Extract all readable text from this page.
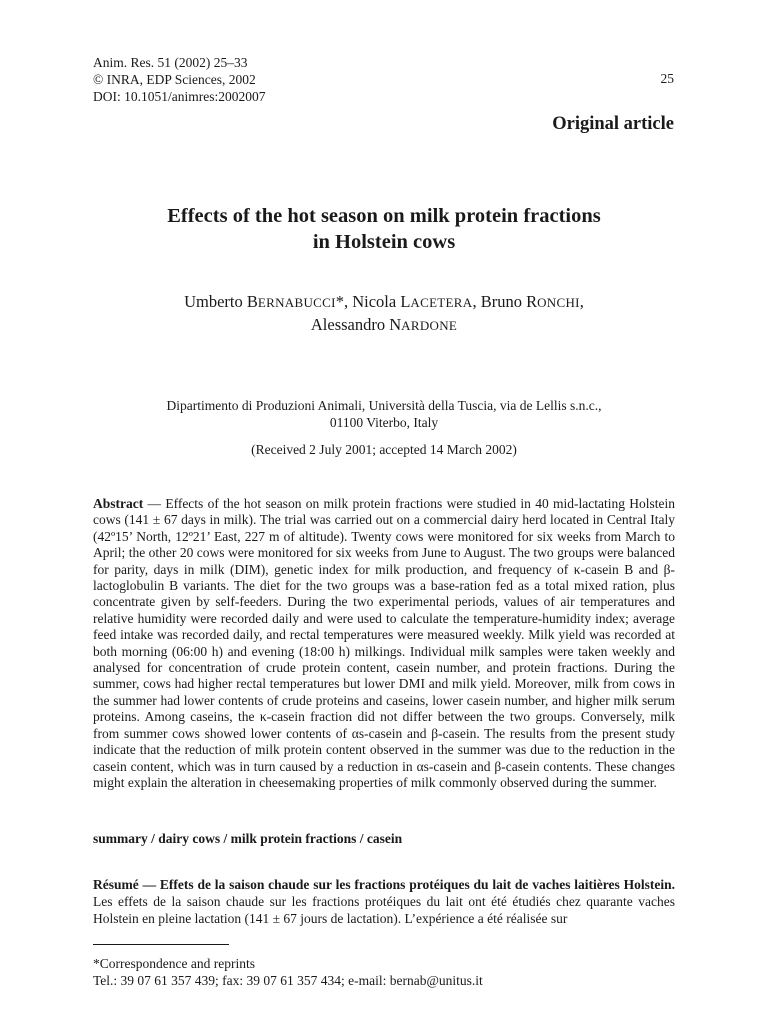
Anim. Res. 51 (2002) 25–33
© INRA, EDP Sciences, 2002
DOI: 10.1051/animres:2002007
25
Original article
Effects of the hot season on milk protein fractions
in Holstein cows
Umberto BERNABUCCI*, Nicola LACETERA, Bruno RONCHI,
Alessandro NARDONE
Dipartimento di Produzioni Animali, Università della Tuscia, via de Lellis s.n.c.,
01100 Viterbo, Italy
(Received 2 July 2001; accepted 14 March 2002)
Abstract — Effects of the hot season on milk protein fractions were studied in 40 mid-lactating Holstein cows (141 ± 67 days in milk). The trial was carried out on a commercial dairy herd located in Central Italy (42º15’ North, 12º21’ East, 227 m of altitude). Twenty cows were monitored for six weeks from March to April; the other 20 cows were monitored for six weeks from June to August. The two groups were balanced for parity, days in milk (DIM), genetic index for milk production, and frequency of κ-casein B and β-lactoglobulin B variants. The diet for the two groups was a base-ration fed as a total mixed ration, plus concentrate given by self-feeders. During the two experimental periods, values of air temperatures and relative humidity were recorded daily and were used to calculate the temperature-humidity index; average feed intake was recorded daily, and rectal temperatures were measured weekly. Milk yield was recorded at both morning (06:00 h) and evening (18:00 h) milkings. Individual milk samples were taken weekly and analysed for concentration of crude protein content, casein number, and protein fractions. During the summer, cows had higher rectal temperatures but lower DMI and milk yield. Moreover, milk from cows in the summer had lower contents of crude proteins and caseins, lower casein number, and higher milk serum proteins. Among caseins, the κ-casein fraction did not differ between the two groups. Conversely, milk from summer cows showed lower contents of αs-casein and β-casein. The results from the present study indicate that the reduction of milk protein content observed in the summer was due to the reduction in the casein content, which was in turn caused by a reduction in αs-casein and β-casein contents. These changes might explain the alteration in cheesemaking properties of milk commonly observed during the summer.
summary / dairy cows / milk protein fractions / casein
Résumé — Effets de la saison chaude sur les fractions protéiques du lait de vaches laitières Holstein. Les effets de la saison chaude sur les fractions protéiques du lait ont été étudiés chez quarante vaches Holstein en pleine lactation (141 ± 67 jours de lactation). L’expérience a été réalisée sur
*Correspondence and reprints
Tel.: 39 07 61 357 439; fax: 39 07 61 357 434; e-mail: bernab@unitus.it
